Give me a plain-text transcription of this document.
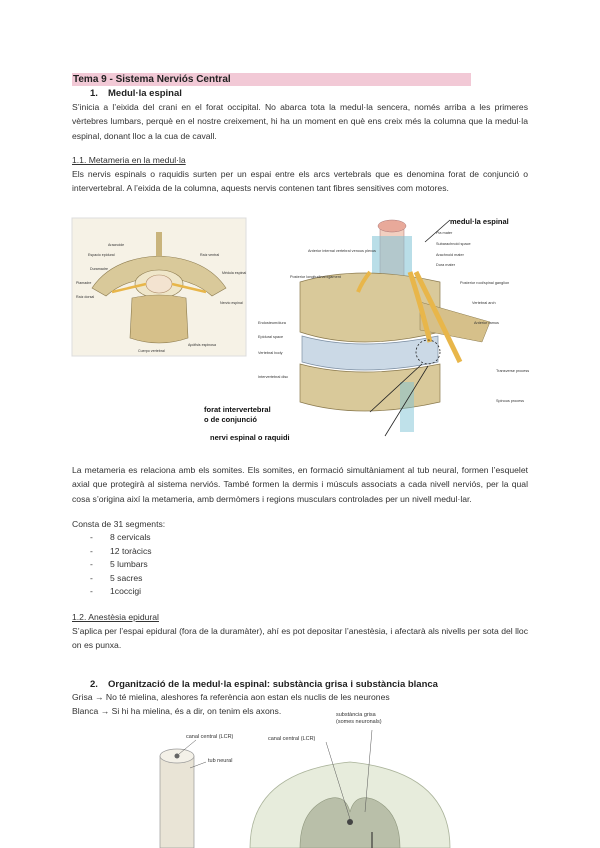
Tema 9 - Sistema Nerviós Central
1. Medul·la espinal
S’inicia a l’eixida del crani en el forat occipital. No abarca tota la medul·la sencera, només arriba a les primeres vèrtebres lumbars, perquè en el nostre creixement, hi ha un moment en què ens creix més la columna que la medul·la espinal, donant lloc a la cua de cavall.
1.1. Metameria en la medul·la
Els nervis espinals o raquidis surten per un espai entre els arcs vertebrals que es denomina forat de conjunció o intervertebral. A l’eixida de la columna, aquests nervis contenen tant fibres sensitives com motores.
Aracnoide
Espacio epidural
Duramadre
Piamadre
Raíz dorsal
Raíz ventral
Médula espinal
Nervio espinal
Cuerpo vertebral
Apófisis espinosa
Pia mater
Subarachnoid space
Arachnoid mater
Dura mater
Posterior root/spinal ganglion
Vertebral arch
Anterior ramus
Transverse process
Spinous process
Anterior internal vertebral venous plexus
Posterior longitudinal ligament
Endosteum/dura
Vertebral body
Intervertebral disc
Epidural space
medul·la espinal
forat intervertebral
o de conjunció
nervi espinal o raquidi
La metameria es relaciona amb els somites. Els somites, en formació simultàniament al tub neural, formen l’esquelet axial que protegirà al sistema nerviós. També formen la dermis i músculs associats a cada nivell nerviós, per la qual cosa s’origina així la metameria, amb dermòmers i regions musculars controlades per un nivell medul·lar.
Consta de 31 segments:
- 8 cervicals
- 12 toràcics
- 5 lumbars
- 5 sacres
- 1coccigi
1.2. Anestèsia epidural
S’aplica per l’espai epidural (fora de la duramàter), ahí es pot depositar l’anestèsia, i afectarà als nivells per sota del lloc on es punxa.
2. Organització de la medul·la espinal: substància grisa i substància blanca
Grisa → No té mielina, aleshores fa referència aon estan els nuclis de les neurones
Blanca → Si hi ha mielina, és a dir, on tenim els axons.
canal central (LCR)
tub neural
canal central (LCR)
substància grisa
(somes neuronals)
